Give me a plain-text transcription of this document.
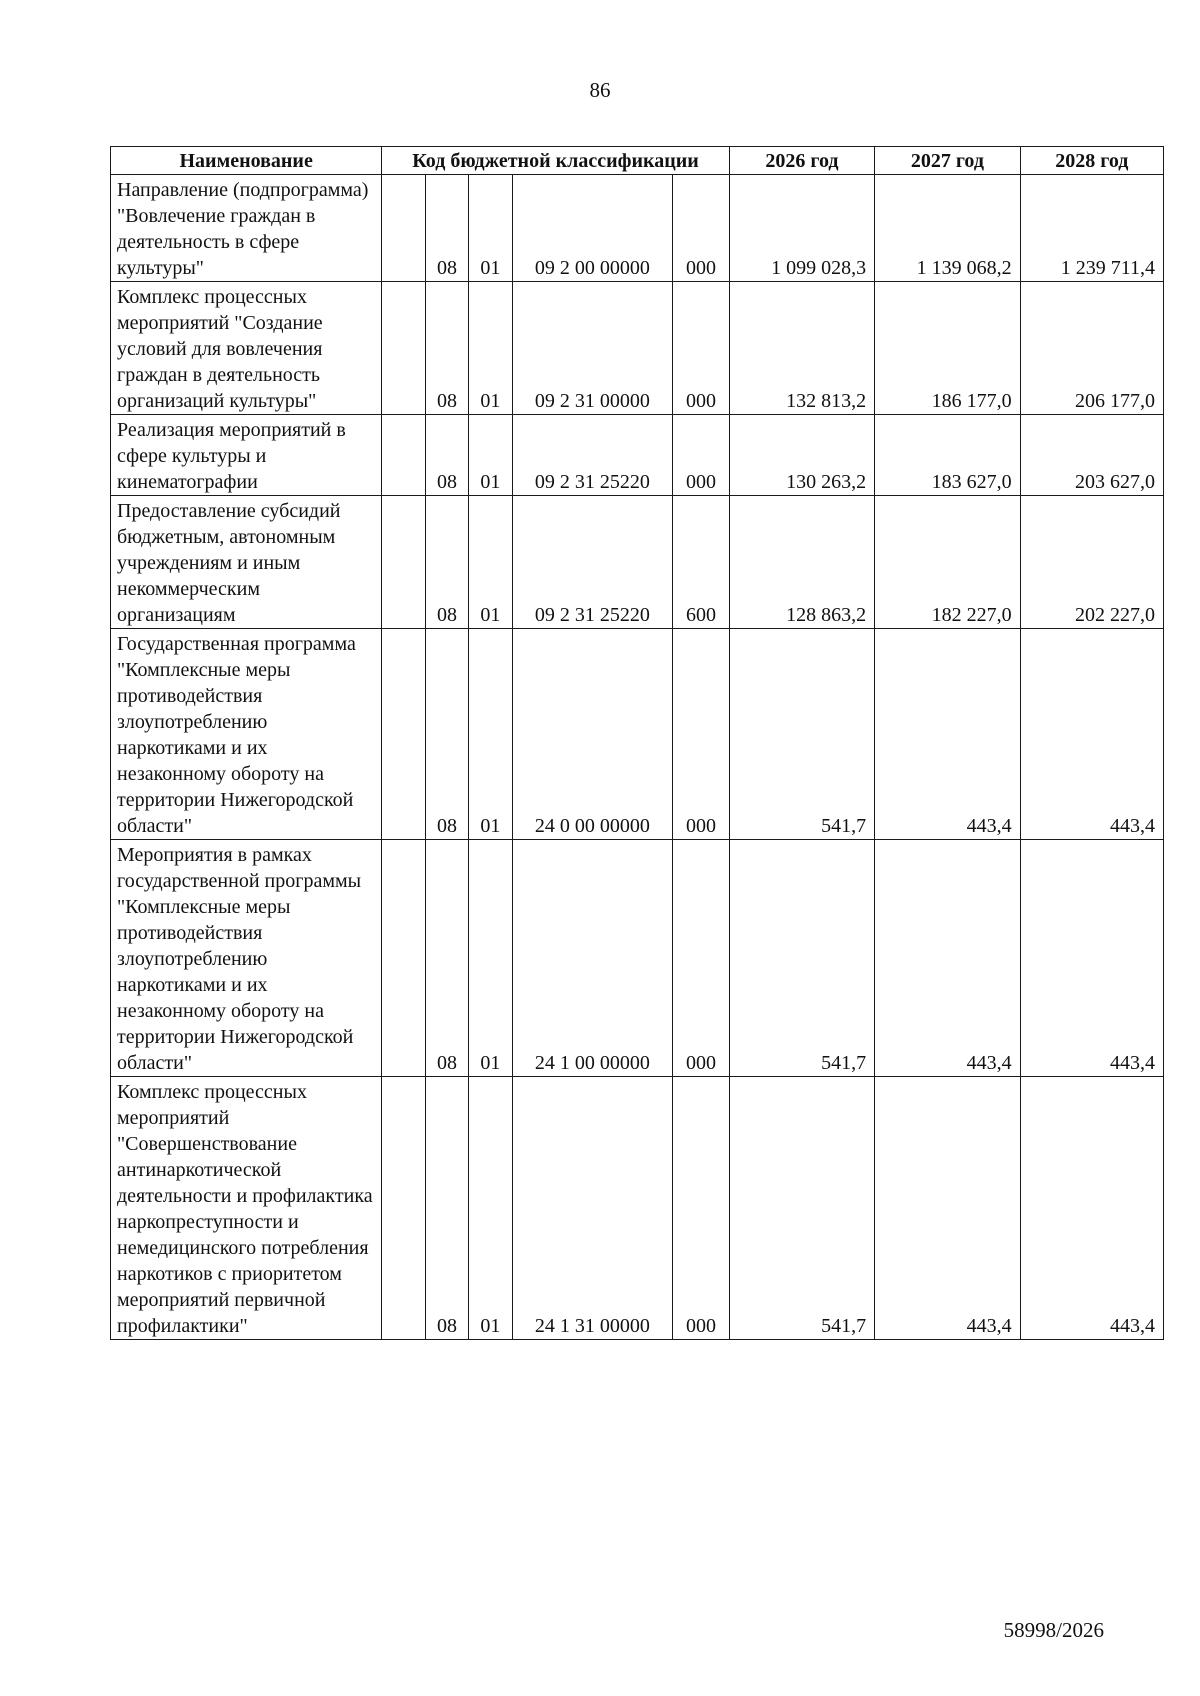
86
Наименование	Код бюджетной классификации					2026 год	2027 год	2028 год
Направление (подпрограмма) "Вовлечение граждан в деятельность в сфере культуры"		08	01	09 2 00 00000	000	1 099 028,3	1 139 068,2	1 239 711,4
Комплекс процессных мероприятий "Создание условий для вовлечения граждан в деятельность организаций культуры"		08	01	09 2 31 00000	000	132 813,2	186 177,0	206 177,0
Реализация мероприятий в сфере культуры и кинематографии		08	01	09 2 31 25220	000	130 263,2	183 627,0	203 627,0
Предоставление субсидий бюджетным, автономным учреждениям и иным некоммерческим организациям		08	01	09 2 31 25220	600	128 863,2	182 227,0	202 227,0
Государственная программа "Комплексные меры противодействия злоупотреблению наркотиками и их незаконному обороту на территории Нижегородской области"		08	01	24 0 00 00000	000	541,7	443,4	443,4
Мероприятия в рамках государственной программы "Комплексные меры противодействия злоупотреблению наркотиками и их незаконному обороту на территории Нижегородской области"		08	01	24 1 00 00000	000	541,7	443,4	443,4
Комплекс процессных мероприятий "Совершенствование антинаркотической деятельности и профилактика наркопреступности и немедицинского потребления наркотиков с приоритетом мероприятий первичной профилактики"		08	01	24 1 31 00000	000	541,7	443,4	443,4
58998/2026
